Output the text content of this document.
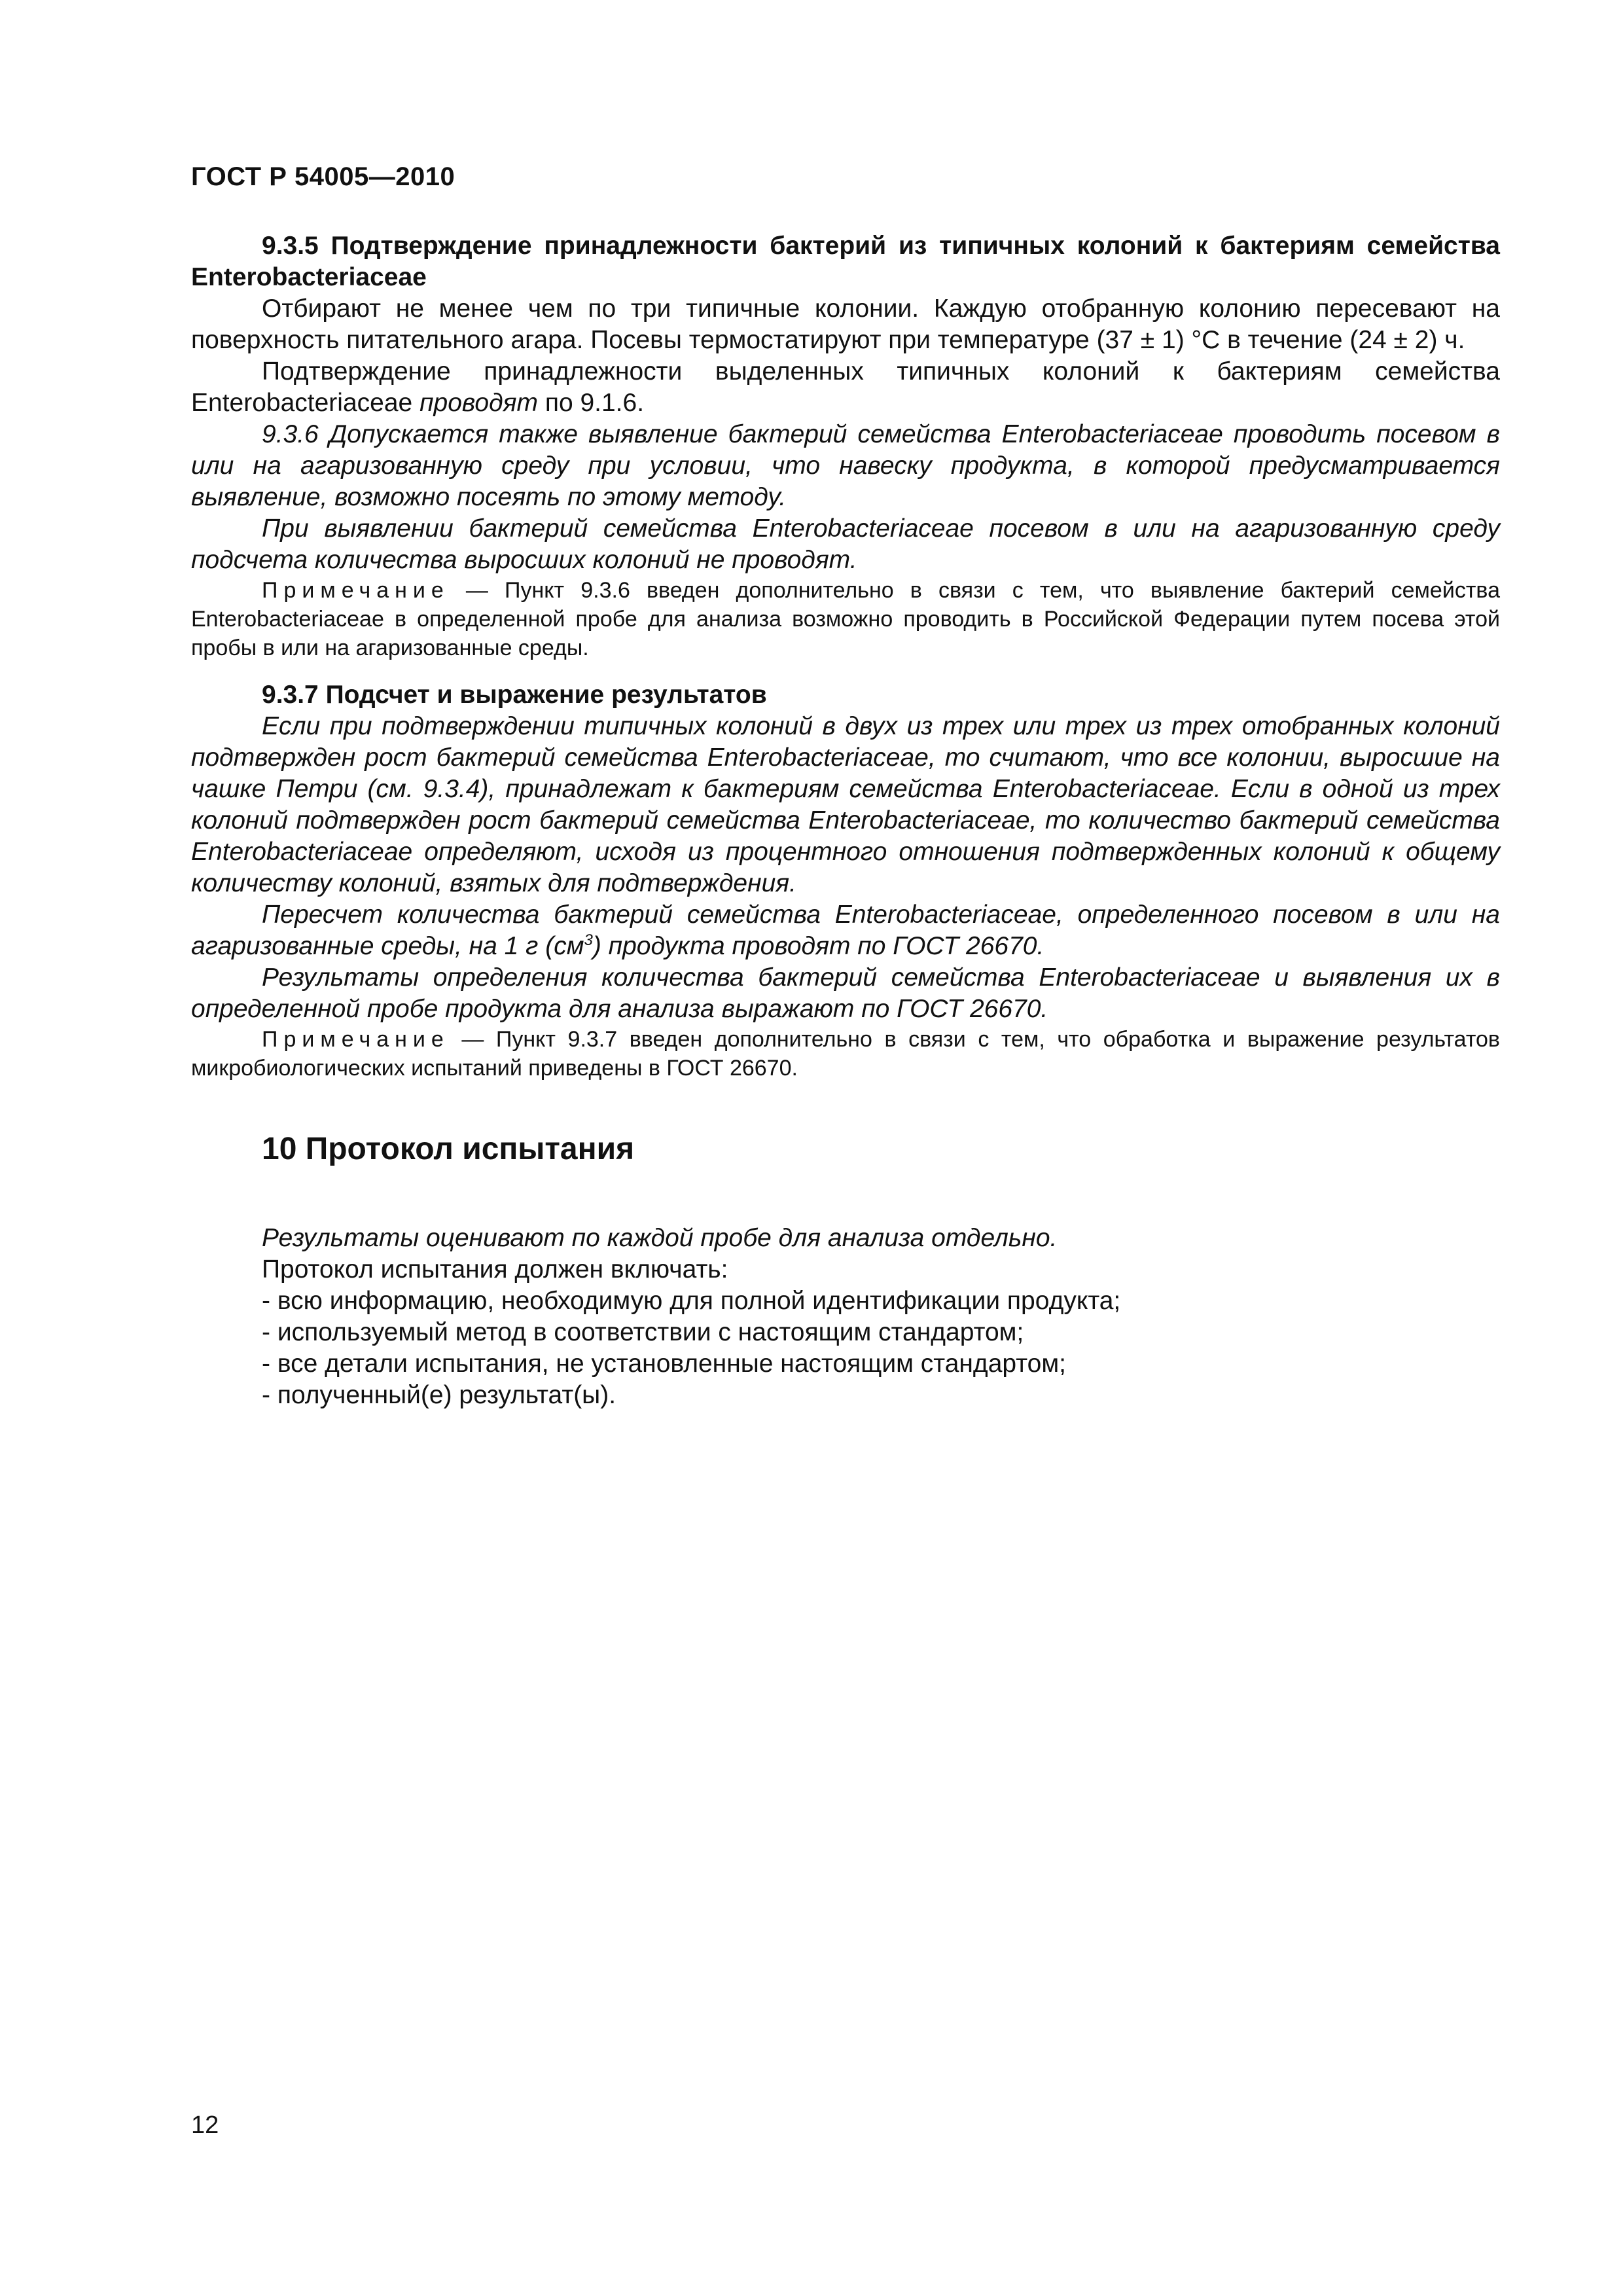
ГОСТ Р 54005—2010

9.3.5 Подтверждение принадлежности бактерий из типичных колоний к бактериям семейства Enterobacteriaceae

Отбирают не менее чем по три типичные колонии. Каждую отобранную колонию пересевают на поверхность питательного агара. Посевы термостатируют при температуре (37 ± 1) °С в течение (24 ± 2) ч.

Подтверждение принадлежности выделенных типичных колоний к бактериям семейства Enterobacteriaceae проводят по 9.1.6.

9.3.6 Допускается также выявление бактерий семейства Enterobacteriaceae проводить посевом в или на агаризованную среду при условии, что навеску продукта, в которой предусматривается выявление, возможно посеять по этому методу.

При выявлении бактерий семейства Enterobacteriaceae посевом в или на агаризованную среду подсчета количества выросших колоний не проводят.

Примечание — Пункт 9.3.6 введен дополнительно в связи с тем, что выявление бактерий семейства Enterobacteriaceae в определенной пробе для анализа возможно проводить в Российской Федерации путем посева этой пробы в или на агаризованные среды.

9.3.7 Подсчет и выражение результатов

Если при подтверждении типичных колоний в двух из трех или трех из трех отобранных колоний подтвержден рост бактерий семейства Enterobacteriaceae, то считают, что все колонии, выросшие на чашке Петри (см. 9.3.4), принадлежат к бактериям семейства Enterobacteriaceae. Если в одной из трех колоний подтвержден рост бактерий семейства Enterobacteriaceae, то количество бактерий семейства Enterobacteriaceae определяют, исходя из процентного отношения подтвержденных колоний к общему количеству колоний, взятых для подтверждения.

Пересчет количества бактерий семейства Enterobacteriaceae, определенного посевом в или на агаризованные среды, на 1 г $(см^3)$ продукта проводят по ГОСТ 26670.

Результаты определения количества бактерий семейства Enterobacteriaceae и выявления их в определенной пробе продукта для анализа выражают по ГОСТ 26670.

Примечание — Пункт 9.3.7 введен дополнительно в связи с тем, что обработка и выражение результатов микробиологических испытаний приведены в ГОСТ 26670.

10 Протокол испытания

Результаты оценивают по каждой пробе для анализа отдельно.

Протокол испытания должен включать:

- всю информацию, необходимую для полной идентификации продукта;
- используемый метод в соответствии с настоящим стандартом;
- все детали испытания, не установленные настоящим стандартом;
- полученный(е) результат(ы).
12
